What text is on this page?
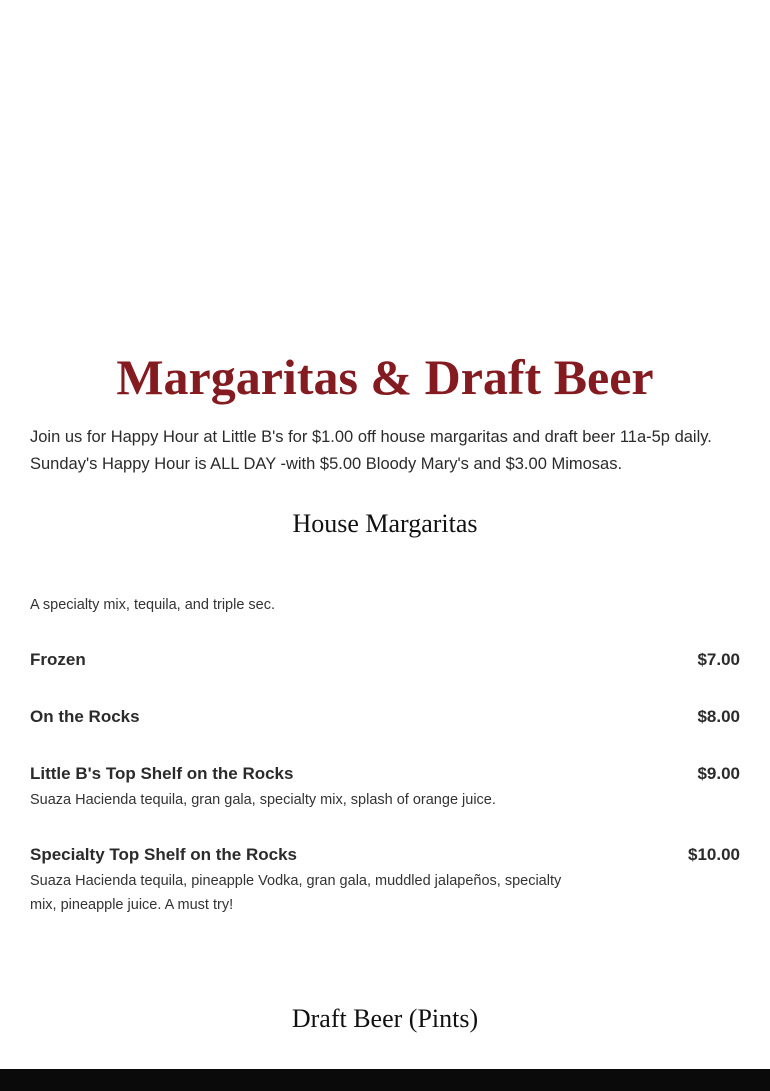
Margaritas & Draft Beer

Join us for Happy Hour at Little B's for $1.00 off house margaritas and draft beer 11a-5p daily.

Sunday's Happy Hour is ALL DAY -with $5.00 Bloody Mary's and $3.00 Mimosas.

House Margaritas
A specialty mix, tequila, and triple sec.
Frozen	$7.00
On the Rocks	$8.00
Little B's Top Shelf on the Rocks	$9.00
Suaza Hacienda tequila, gran gala, specialty mix, splash of orange juice.
Specialty Top Shelf on the Rocks	$10.00
Suaza Hacienda tequila, pineapple Vodka, gran gala, muddled jalapeños, specialty mix, pineapple juice. A must try!
Draft Beer (Pints)
